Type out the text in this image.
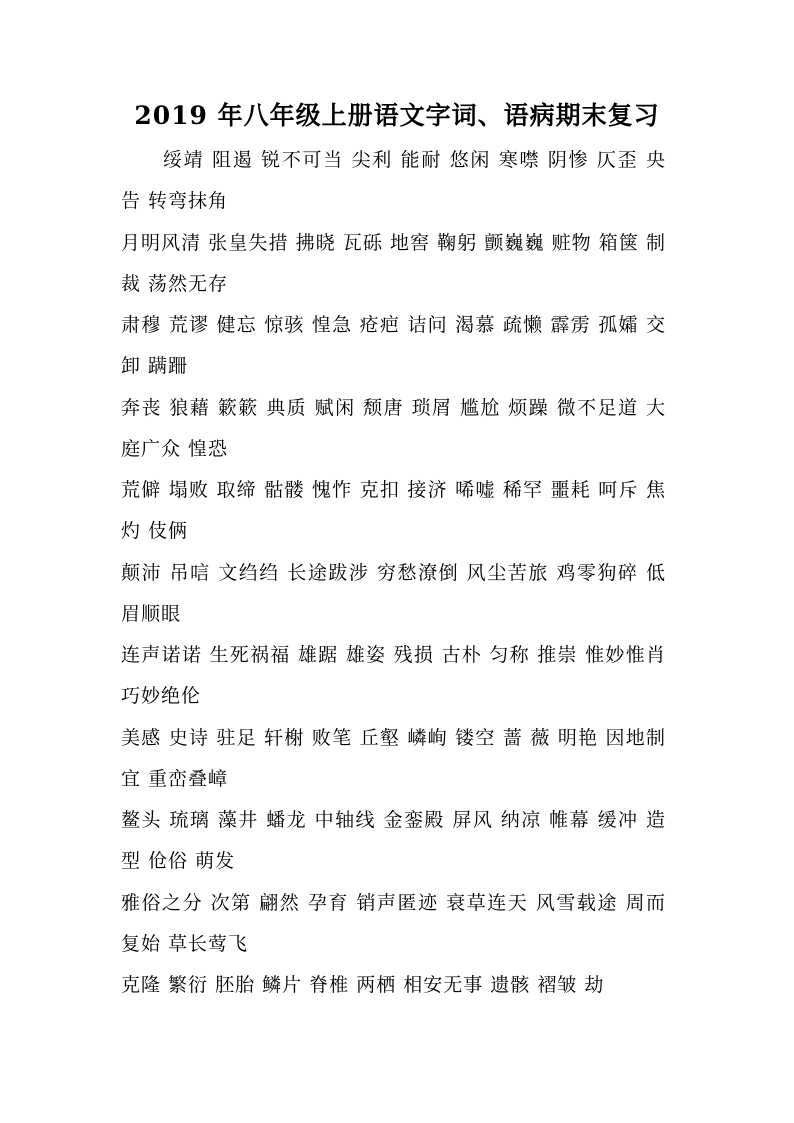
2019 年八年级上册语文字词、语病期末复习

绥靖 阻遏 锐不可当 尖利 能耐 悠闲 寒噤 阴惨 仄歪 央告 转弯抹角

月明风清 张皇失措 拂晓 瓦砾 地窖 鞠躬 颤巍巍 赃物 箱箧 制裁 荡然无存

肃穆 荒谬 健忘 惊骇 惶急 疮疤 诘问 渴慕 疏懒 霹雳 孤孀 交卸 蹒跚

奔丧 狼藉 簌簌 典质 赋闲 颓唐 琐屑 尴尬 烦躁 微不足道 大庭广众 惶恐

荒僻 塌败 取缔 骷髅 愧怍 克扣 接济 唏嘘 稀罕 噩耗 呵斥 焦灼 伎俩

颠沛 吊唁 文绉绉 长途跋涉 穷愁潦倒 风尘苦旅 鸡零狗碎 低眉顺眼

连声诺诺 生死祸福 雄踞 雄姿 残损 古朴 匀称 推崇 惟妙惟肖 巧妙绝伦

美感 史诗 驻足 轩榭 败笔 丘壑 嶙峋 镂空 蔷 薇 明艳 因地制宜 重峦叠嶂

鳌头 琉璃 藻井 蟠龙 中轴线 金銮殿 屏风 纳凉 帷幕 缓冲 造型 伧俗 萌发

雅俗之分 次第 翩然 孕育 销声匿迹 衰草连天 风雪载途 周而复始 草长莺飞

克隆 繁衍 胚胎 鳞片 脊椎 两栖 相安无事 遗骸 褶皱 劫
